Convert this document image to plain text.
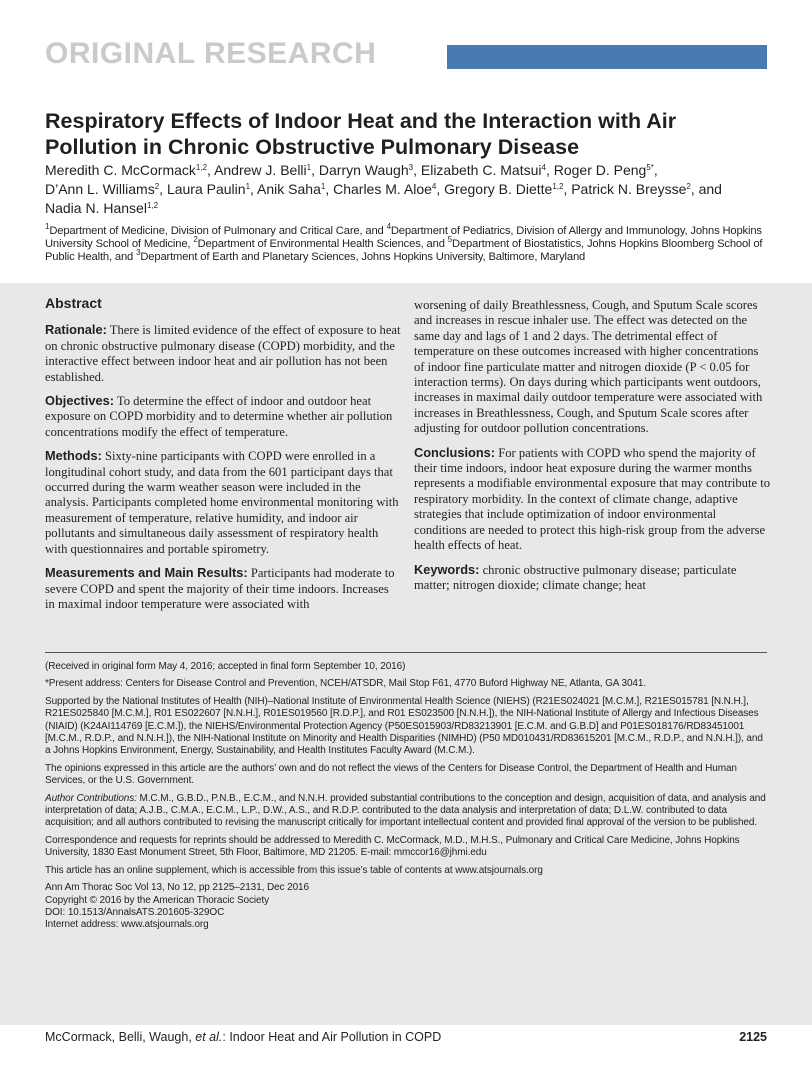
ORIGINAL RESEARCH
Respiratory Effects of Indoor Heat and the Interaction with Air Pollution in Chronic Obstructive Pulmonary Disease
Meredith C. McCormack$^{1,2}$, Andrew J. Belli$^1$, Darryn Waugh$^3$, Elizabeth C. Matsui$^4$, Roger D. Peng$^{5*}$,
D’Ann L. Williams$^2$, Laura Paulin$^1$, Anik Saha$^1$, Charles M. Aloe$^4$, Gregory B. Diette$^{1,2}$, Patrick N. Breysse$^2$, and
Nadia N. Hansel$^{1,2}$
$^1$Department of Medicine, Division of Pulmonary and Critical Care, and $^4$Department of Pediatrics, Division of Allergy and Immunology, Johns Hopkins University School of Medicine, $^2$Department of Environmental Health Sciences, and $^5$Department of Biostatistics, Johns Hopkins Bloomberg School of Public Health, and $^3$Department of Earth and Planetary Sciences, Johns Hopkins University, Baltimore, Maryland
Abstract

Rationale: There is limited evidence of the effect of exposure to heat on chronic obstructive pulmonary disease (COPD) morbidity, and the interactive effect between indoor heat and air pollution has not been established.

Objectives: To determine the effect of indoor and outdoor heat exposure on COPD morbidity and to determine whether air pollution concentrations modify the effect of temperature.

Methods: Sixty-nine participants with COPD were enrolled in a longitudinal cohort study, and data from the 601 participant days that occurred during the warm weather season were included in the analysis. Participants completed home environmental monitoring with measurement of temperature, relative humidity, and indoor air pollutants and simultaneous daily assessment of respiratory health with questionnaires and portable spirometry.

Measurements and Main Results: Participants had moderate to severe COPD and spent the majority of their time indoors. Increases in maximal indoor temperature were associated with

worsening of daily Breathlessness, Cough, and Sputum Scale scores and increases in rescue inhaler use. The effect was detected on the same day and lags of 1 and 2 days. The detrimental effect of temperature on these outcomes increased with higher concentrations of indoor fine particulate matter and nitrogen dioxide (P < 0.05 for interaction terms). On days during which participants went outdoors, increases in maximal daily outdoor temperature were associated with increases in Breathlessness, Cough, and Sputum Scale scores after adjusting for outdoor pollution concentrations.

Conclusions: For patients with COPD who spend the majority of their time indoors, indoor heat exposure during the warmer months represents a modifiable environmental exposure that may contribute to respiratory morbidity. In the context of climate change, adaptive strategies that include optimization of indoor environmental conditions are needed to protect this high-risk group from the adverse health effects of heat.

Keywords: chronic obstructive pulmonary disease; particulate matter; nitrogen dioxide; climate change; heat

(Received in original form May 4, 2016; accepted in final form September 10, 2016)

*Present address: Centers for Disease Control and Prevention, NCEH/ATSDR, Mail Stop F61, 4770 Buford Highway NE, Atlanta, GA 3041.

Supported by the National Institutes of Health (NIH)–National Institute of Environmental Health Science (NIEHS) (R21ES024021 [M.C.M.], R21ES015781 [N.N.H.], R21ES025840 [M.C.M.], R01 ES022607 [N.N.H.], R01ES019560 [R.D.P.], and R01 ES023500 [N.N.H.]), the NIH-National Institute of Allergy and Infectious Diseases (NIAID) (K24AI114769 [E.C.M.]), the NIEHS/Environmental Protection Agency (P50ES015903/RD83213901 [E.C.M. and G.B.D] and P01ES018176/RD83451001 [M.C.M., R.D.P., and N.N.H.]), the NIH-National Institute on Minority and Health Disparities (NIMHD) (P50 MD010431/RD83615201 [M.C.M., R.D.P., and N.N.H.]), and a Johns Hopkins Environment, Energy, Sustainability, and Health Institutes Faculty Award (M.C.M.).

The opinions expressed in this article are the authors’ own and do not reflect the views of the Centers for Disease Control, the Department of Health and Human Services, or the U.S. Government.

Author Contributions: M.C.M., G.B.D., P.N.B., E.C.M., and N.N.H. provided substantial contributions to the conception and design, acquisition of data, and analysis and interpretation of data; A.J.B., C.M.A., E.C.M., L.P., D.W., A.S., and R.D.P. contributed to the data analysis and interpretation of data; D.L.W. contributed to data acquisition; and all authors contributed to revising the manuscript critically for important intellectual content and provided final approval of the version to be published.

Correspondence and requests for reprints should be addressed to Meredith C. McCormack, M.D., M.H.S., Pulmonary and Critical Care Medicine, Johns Hopkins University, 1830 East Monument Street, 5th Floor, Baltimore, MD 21205. E-mail: mmccor16@jhmi.edu

This article has an online supplement, which is accessible from this issue’s table of contents at www.atsjournals.org

Ann Am Thorac Soc Vol 13, No 12, pp 2125–2131, Dec 2016
Copyright © 2016 by the American Thoracic Society
DOI: 10.1513/AnnalsATS.201605-329OC
Internet address: www.atsjournals.org
McCormack, Belli, Waugh, et al.: Indoor Heat and Air Pollution in COPD	2125
